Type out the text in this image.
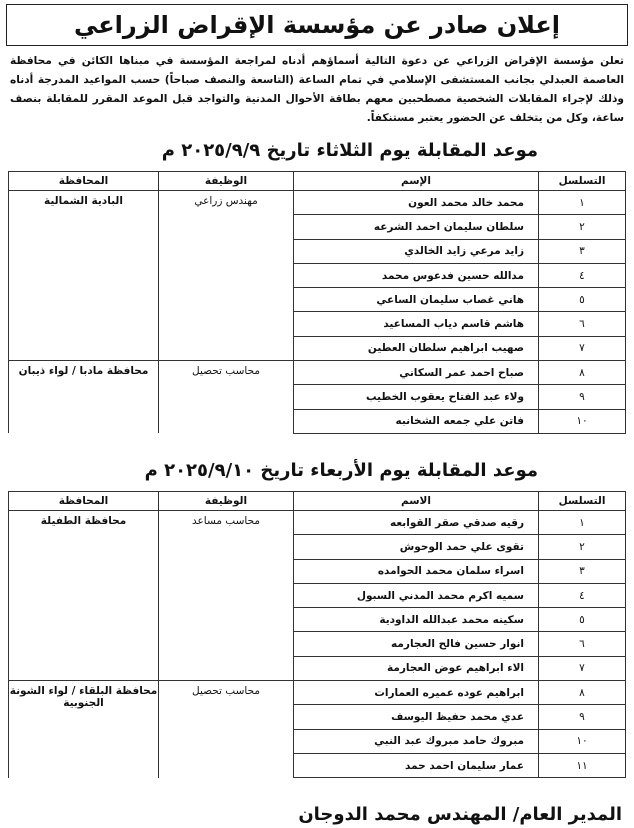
إعلان صادر عن مؤسسة الإقراض الزراعي

تعلن مؤسسة الإقراض الزراعي عن دعوة التالية أسماؤهم أدناه لمراجعة المؤسسة في مبناها الكائن في محافظة العاصمة العبدلي بجانب المستشفى الإسلامي في تمام الساعة (التاسعة والنصف صباحاً) حسب المواعيد المدرجة أدناه وذلك لإجراء المقابلات الشخصية مصطحبين معهم بطاقة الأحوال المدنية والتواجد قبل الموعد المقرر للمقابلة بنصف ساعة، وكل من يتخلف عن الحضور يعتبر مستنكفاً.

موعد المقابلة يوم الثلاثاء تاريخ ٢٠٢٥/٩/٩ م
التسلسل	الإسم	الوظيفة	المحافظة
١	محمد خالد محمد العون	مهندس زراعي	البادية الشمالية
٢	سلطان سليمان احمد الشرعه		
٣	زايد مرعي زايد الخالدي		
٤	مدالله حسين فدعوس محمد		
٥	هاني غصاب سليمان الساعي		
٦	هاشم قاسم دياب المساعيد		
٧	صهيب ابراهيم سلطان العطين		
٨	صباح احمد عمر السكاني	محاسب تحصيل	محافظة مادبا / لواء ذيبان
٩	ولاء عبد الفتاح يعقوب الخطيب		
١٠	فاتن علي جمعه الشخانبه		
موعد المقابلة يوم الأربعاء تاريخ ٢٠٢٥/٩/١٠ م
التسلسل	الاسم	الوظيفة	المحافظة
١	رقيه صدقي صقر القوابعه	محاسب مساعد	محافظة الطفيلة
٢	تقوى علي حمد الوحوش		
٣	اسراء سلمان محمد الحوامده		
٤	سميه اكرم محمد المدني السبول		
٥	سكينه محمد عبدالله الداودية		
٦	انوار حسين فالح العجارمه		
٧	الاء ابراهيم عوض العجارمة		
٨	ابراهيم عوده عميره العمارات	محاسب تحصيل	محافظة البلقاء / لواء الشونة الجنوبية
٩	عدي محمد حفيظ اليوسف		
١٠	مبروك حامد مبروك عبد النبي		
١١	عمار سليمان احمد حمد		
المدير العام/ المهندس محمد الدوجان
